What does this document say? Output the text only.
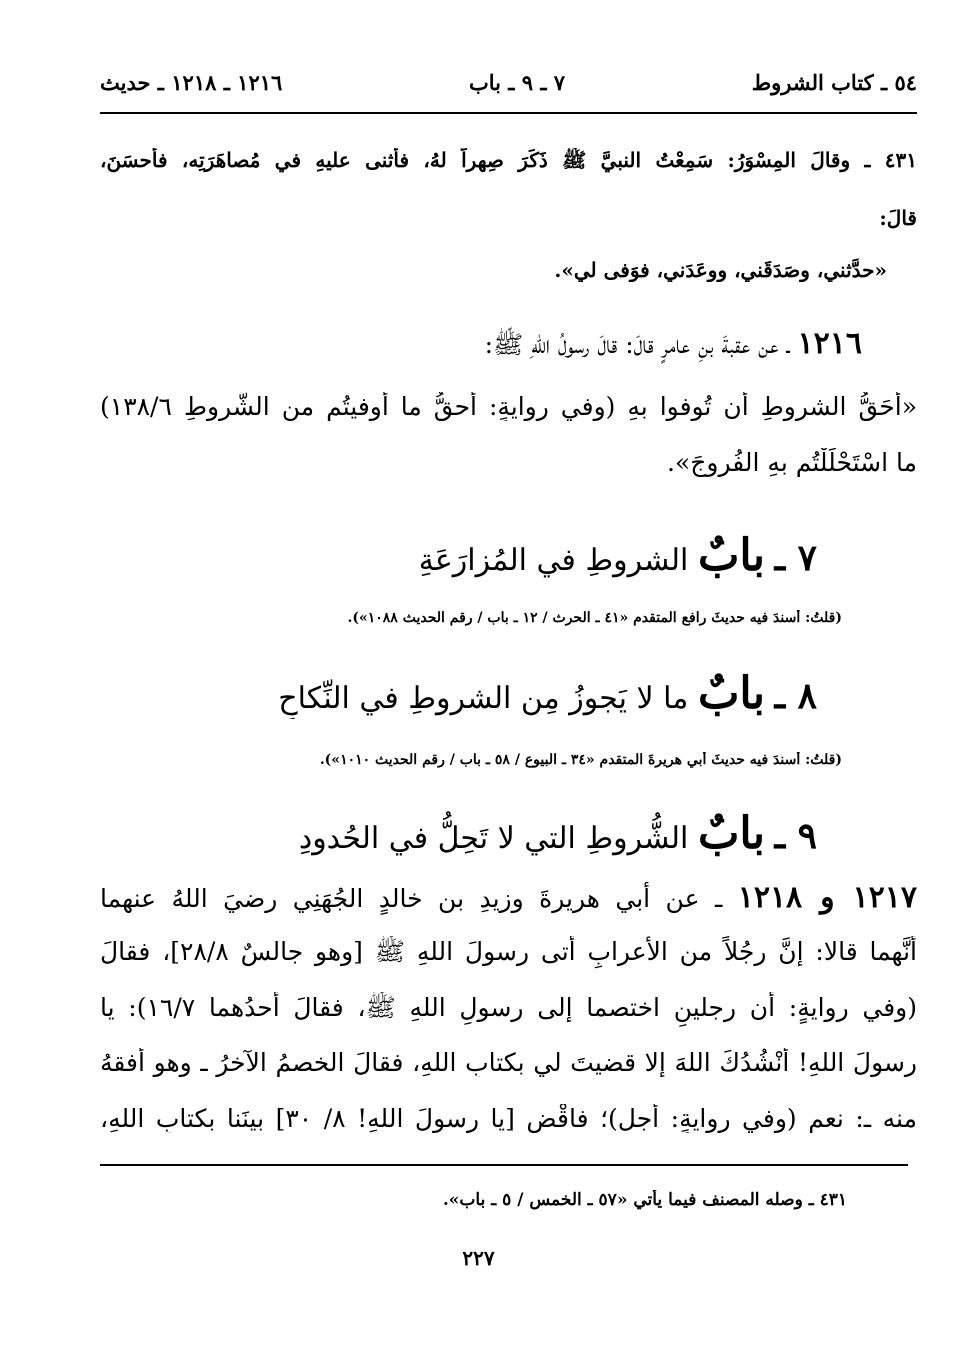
٥٤ ـ كتاب الشروط
٧ ـ ٩ ـ باب
١٢١٦ ـ ١٢١٨ ـ حديث
٤٣١ ـ وقالَ المِسْوَرُ: سَمِعْتُ النبيَّ ﷺ ذَكَرَ صِهراً لهُ، فأثنى عليهِ في مُصاهَرَتِه، فأحسَنَ،
قالَ:
«حدَّثني، وصَدَقَني، ووعَدَني، فوَفى لي».
١٢١٦ ـ عن عقبةَ بنِ عامرٍ قالَ: قالَ رسولُ اللهِ ﷺ:
«أَحَقُّ الشروطِ أن تُوفوا بهِ (وفي روايةٍ: أحقُّ ما أوفيتُم من الشُّروطِ ١٣٨/٦)
ما اسْتَحْلَلْتُم بهِ الفُروجَ».
٧ ـ بابٌ الشروطِ في المُزارَعَةِ
(قلتُ: أسندَ فيه حديثَ رافعٍ المتقدمِ «٤١ ـ الحرث / ١٢ ـ باب / رقم الحديث ١٠٨٨»).
٨ ـ بابٌ ما لا يَجوزُ مِن الشروطِ في النِّكاحِ
(قلتُ: أسندَ فيه حديثَ أبي هريرةَ المتقدمِ «٣٤ ـ البيوع / ٥٨ ـ باب / رقم الحديث ١٠١٠»).
٩ ـ بابٌ الشُّروطِ التي لا تَحِلُّ في الحُدودِ
١٢١٧ و ١٢١٨ ـ عن أبي هريرةَ وزيدِ بنِ خالدٍ الجُهَنِي رضيَ اللهُ عنهما
أنَّهما قالا: إنَّ رجُلاً من الأعرابِ أتى رسولَ اللهِ ﷺ [وهو جالسٌ ٢٨/٨]، فقالَ
(وفي روايةٍ: أن رجلينِ اختصما إلى رسولِ اللهِ ﷺ، فقالَ أحدُهما ١٦/٧): يا
رسولَ اللهِ! أَنْشُدُكَ اللهَ إلا قضيتَ لي بكتابِ اللهِ، فقالَ الخصمُ الآخرُ ـ وهو أفقهُ
منه ـ: نعم (وفي روايةٍ: أجل)؛ فاقْضِ [يا رسولَ اللهِ! ٨/ ٣٠] بينَنا بكتابِ اللهِ،
٤٣١ ـ وصله المصنف فيما يأتي «٥٧ ـ الخمس / ٥ ـ باب».
٢٢٧
